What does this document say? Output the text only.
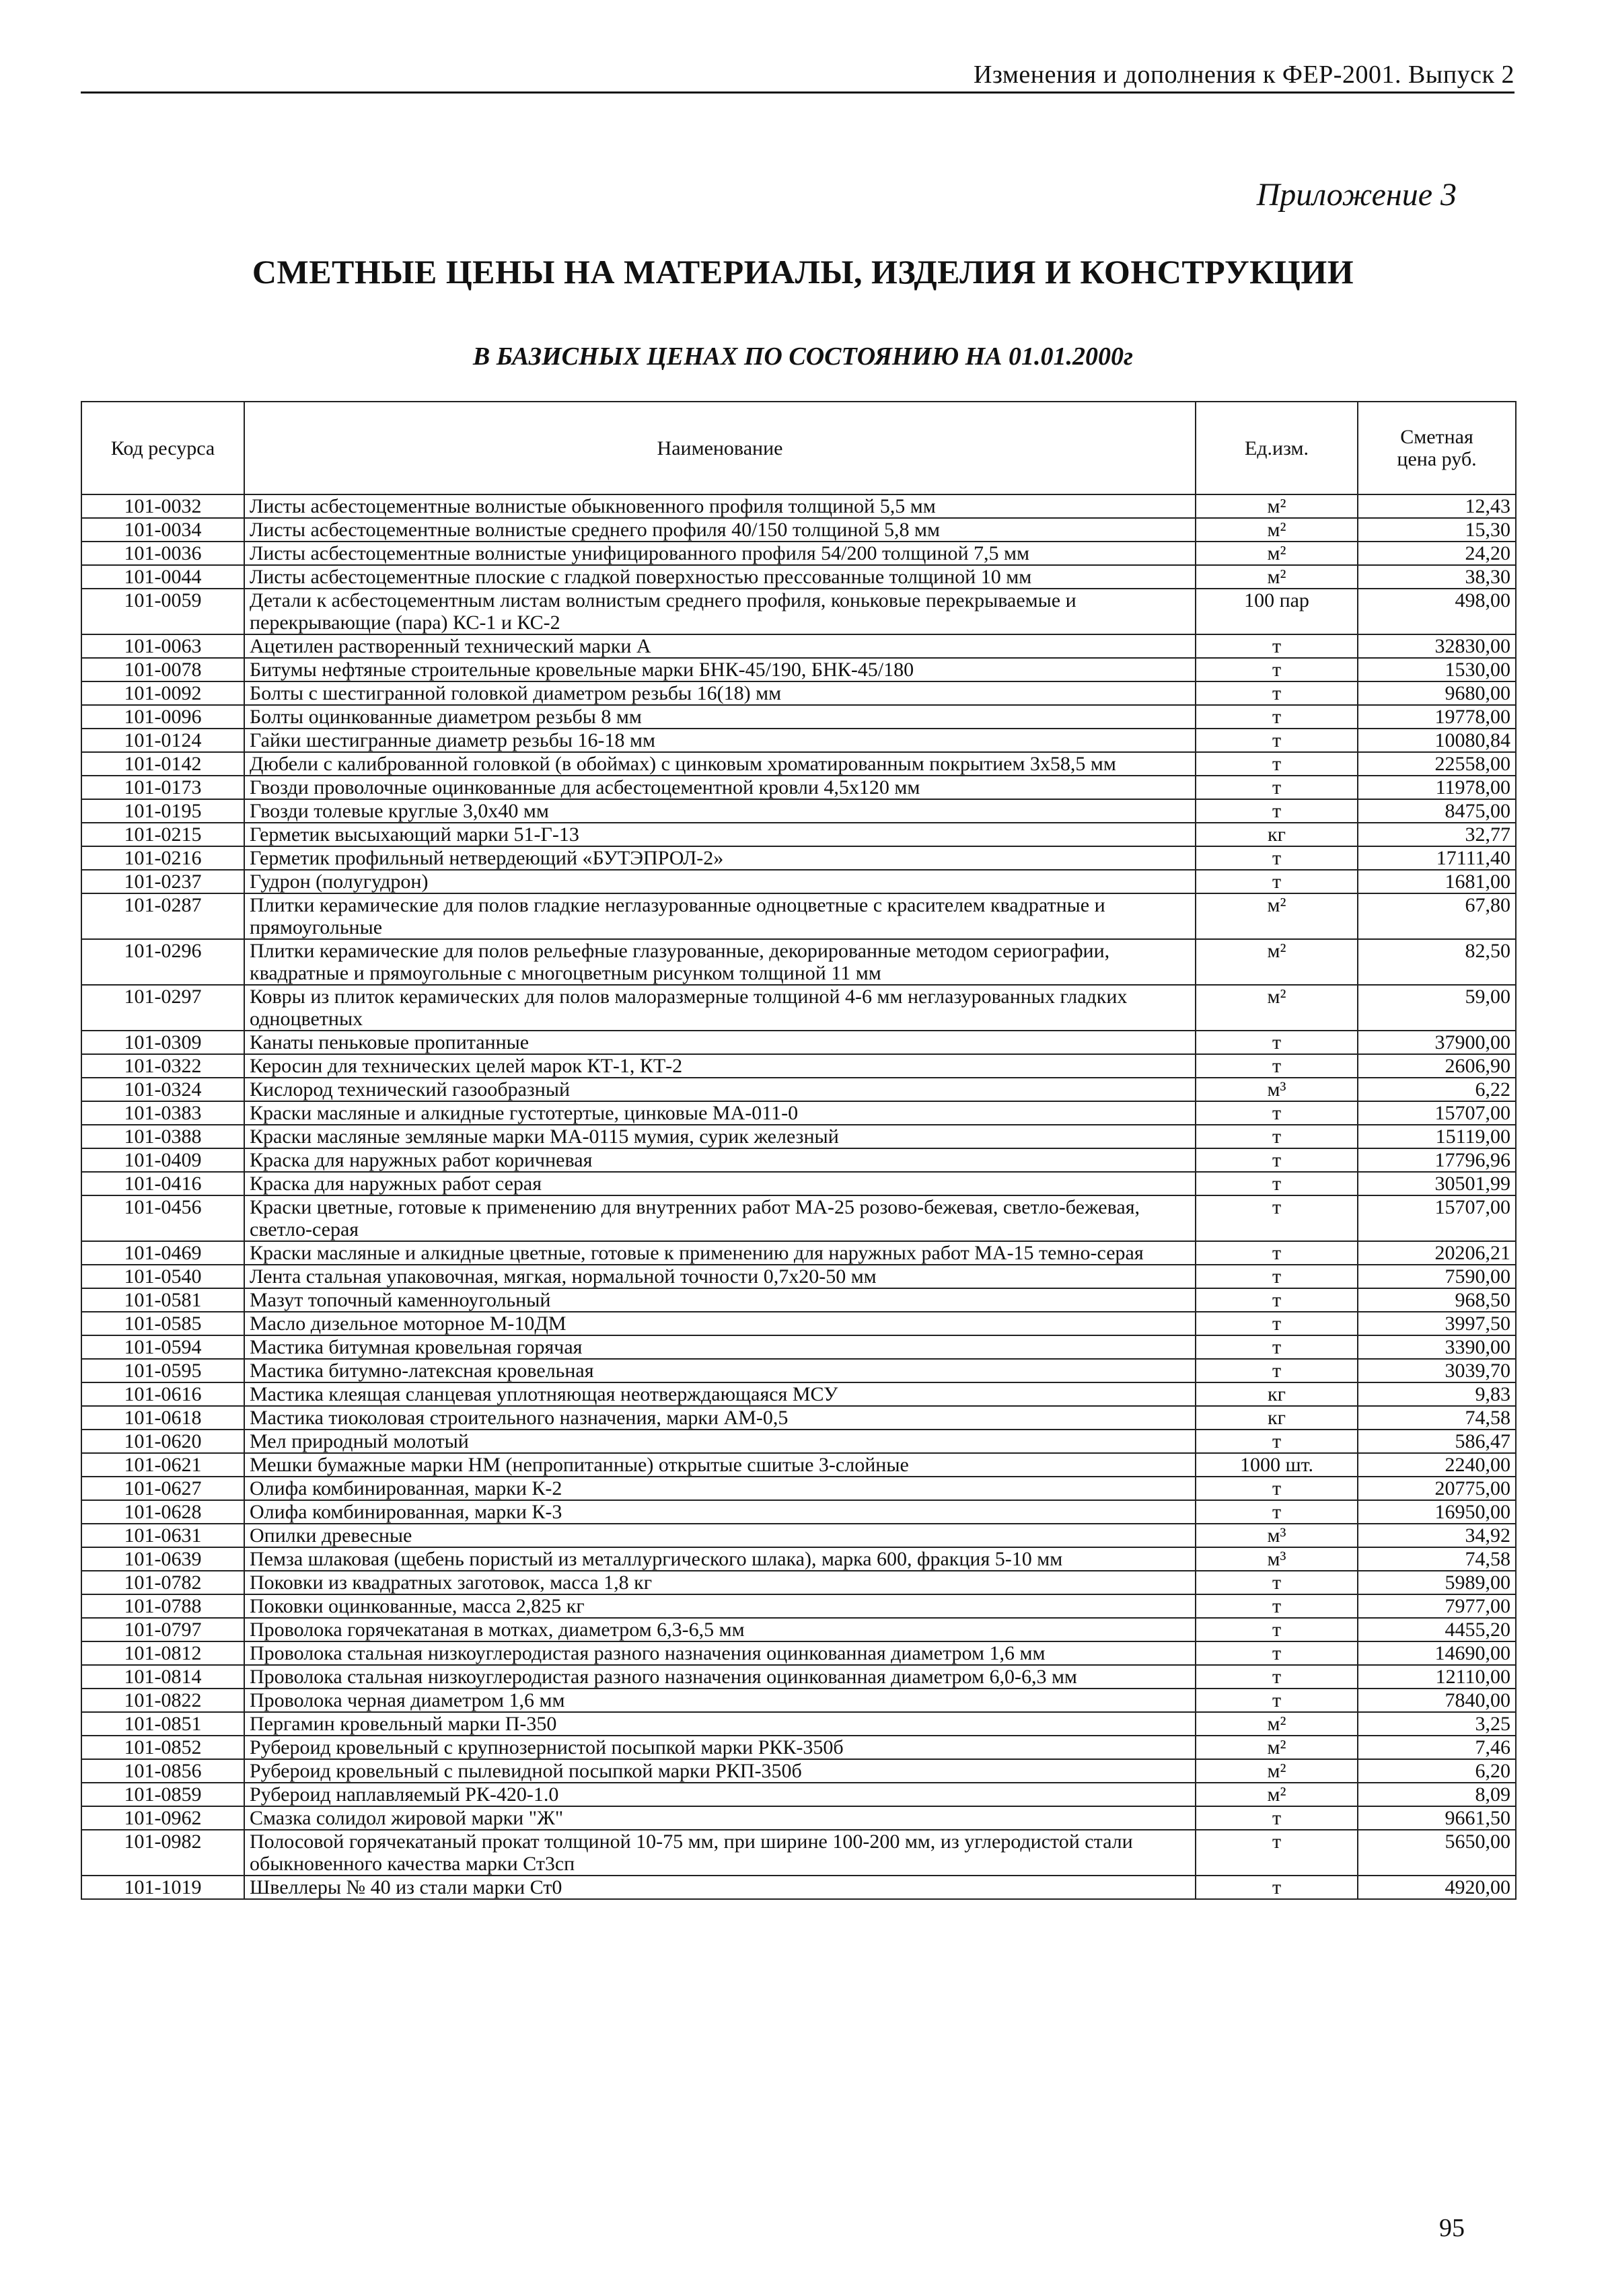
Изменения и дополнения к ФЕР-2001. Выпуск 2
Приложение 3
СМЕТНЫЕ ЦЕНЫ НА МАТЕРИАЛЫ, ИЗДЕЛИЯ И КОНСТРУКЦИИ
В БАЗИСНЫХ ЦЕНАХ ПО СОСТОЯНИЮ НА 01.01.2000г
Код ресурса	Наименование	Ед.изм.	Сметная цена руб.
101-0032	Листы асбестоцементные волнистые обыкновенного профиля толщиной 5,5 мм	м²	12,43
101-0034	Листы асбестоцементные волнистые среднего профиля 40/150 толщиной 5,8 мм	м²	15,30
101-0036	Листы асбестоцементные волнистые унифицированного профиля 54/200 толщиной 7,5 мм	м²	24,20
101-0044	Листы асбестоцементные плоские с гладкой поверхностью прессованные толщиной 10 мм	м²	38,30
101-0059	Детали к асбестоцементным листам волнистым среднего профиля, коньковые перекрываемые и перекрывающие (пара) КС-1 и КС-2	100 пар	498,00
101-0063	Ацетилен растворенный технический марки А	т	32830,00
101-0078	Битумы нефтяные строительные кровельные марки БНК-45/190, БНК-45/180	т	1530,00
101-0092	Болты с шестигранной головкой диаметром резьбы 16(18) мм	т	9680,00
101-0096	Болты оцинкованные диаметром резьбы 8 мм	т	19778,00
101-0124	Гайки шестигранные диаметр резьбы 16-18 мм	т	10080,84
101-0142	Дюбели с калиброванной головкой (в обоймах) с цинковым хроматированным покрытием 3х58,5 мм	т	22558,00
101-0173	Гвозди проволочные оцинкованные для асбестоцементной кровли 4,5х120 мм	т	11978,00
101-0195	Гвозди толевые круглые 3,0х40 мм	т	8475,00
101-0215	Герметик высыхающий марки 51-Г-13	кг	32,77
101-0216	Герметик профильный нетвердеющий «БУТЭПРОЛ-2»	т	17111,40
101-0237	Гудрон (полугудрон)	т	1681,00
101-0287	Плитки керамические для полов гладкие неглазурованные одноцветные с красителем квадратные и прямоугольные	м²	67,80
101-0296	Плитки керамические для полов рельефные глазурованные, декорированные методом сериографии, квадратные и прямоугольные с многоцветным рисунком толщиной 11 мм	м²	82,50
101-0297	Ковры из плиток керамических для полов малоразмерные толщиной 4-6 мм неглазурованных гладких одноцветных	м²	59,00
101-0309	Канаты пеньковые пропитанные	т	37900,00
101-0322	Керосин для технических целей марок КТ-1, КТ-2	т	2606,90
101-0324	Кислород технический газообразный	м³	6,22
101-0383	Краски масляные и алкидные густотертые, цинковые МА-011-0	т	15707,00
101-0388	Краски масляные земляные марки МА-0115 мумия, сурик железный	т	15119,00
101-0409	Краска для наружных работ коричневая	т	17796,96
101-0416	Краска для наружных работ серая	т	30501,99
101-0456	Краски цветные, готовые к применению для внутренних работ МА-25 розово-бежевая, светло-бежевая, светло-серая	т	15707,00
101-0469	Краски масляные и алкидные цветные, готовые к применению для наружных работ МА-15 темно-серая	т	20206,21
101-0540	Лента стальная упаковочная, мягкая, нормальной точности 0,7х20-50 мм	т	7590,00
101-0581	Мазут топочный каменноугольный	т	968,50
101-0585	Масло дизельное моторное М-10ДМ	т	3997,50
101-0594	Мастика битумная кровельная горячая	т	3390,00
101-0595	Мастика битумно-латексная кровельная	т	3039,70
101-0616	Мастика клеящая сланцевая уплотняющая неотверждающаяся МСУ	кг	9,83
101-0618	Мастика тиоколовая строительного назначения, марки АМ-0,5	кг	74,58
101-0620	Мел природный молотый	т	586,47
101-0621	Мешки бумажные марки НМ (непропитанные) открытые сшитые 3-слойные	1000 шт.	2240,00
101-0627	Олифа комбинированная, марки К-2	т	20775,00
101-0628	Олифа комбинированная, марки К-3	т	16950,00
101-0631	Опилки древесные	м³	34,92
101-0639	Пемза шлаковая (щебень пористый из металлургического шлака), марка 600, фракция 5-10 мм	м³	74,58
101-0782	Поковки из квадратных заготовок, масса 1,8 кг	т	5989,00
101-0788	Поковки оцинкованные, масса 2,825 кг	т	7977,00
101-0797	Проволока горячекатаная в мотках, диаметром 6,3-6,5 мм	т	4455,20
101-0812	Проволока стальная низкоуглеродистая разного назначения оцинкованная диаметром 1,6 мм	т	14690,00
101-0814	Проволока стальная низкоуглеродистая разного назначения оцинкованная диаметром 6,0-6,3 мм	т	12110,00
101-0822	Проволока черная диаметром 1,6 мм	т	7840,00
101-0851	Пергамин кровельный марки П-350	м²	3,25
101-0852	Рубероид кровельный с крупнозернистой посыпкой марки РКК-350б	м²	7,46
101-0856	Рубероид кровельный с пылевидной посыпкой марки РКП-350б	м²	6,20
101-0859	Рубероид наплавляемый РК-420-1.0	м²	8,09
101-0962	Смазка солидол жировой марки "Ж"	т	9661,50
101-0982	Полосовой горячекатаный прокат толщиной 10-75 мм, при ширине 100-200 мм, из углеродистой стали обыкновенного качества марки Ст3сп	т	5650,00
101-1019	Швеллеры № 40 из стали марки Ст0	т	4920,00
95
